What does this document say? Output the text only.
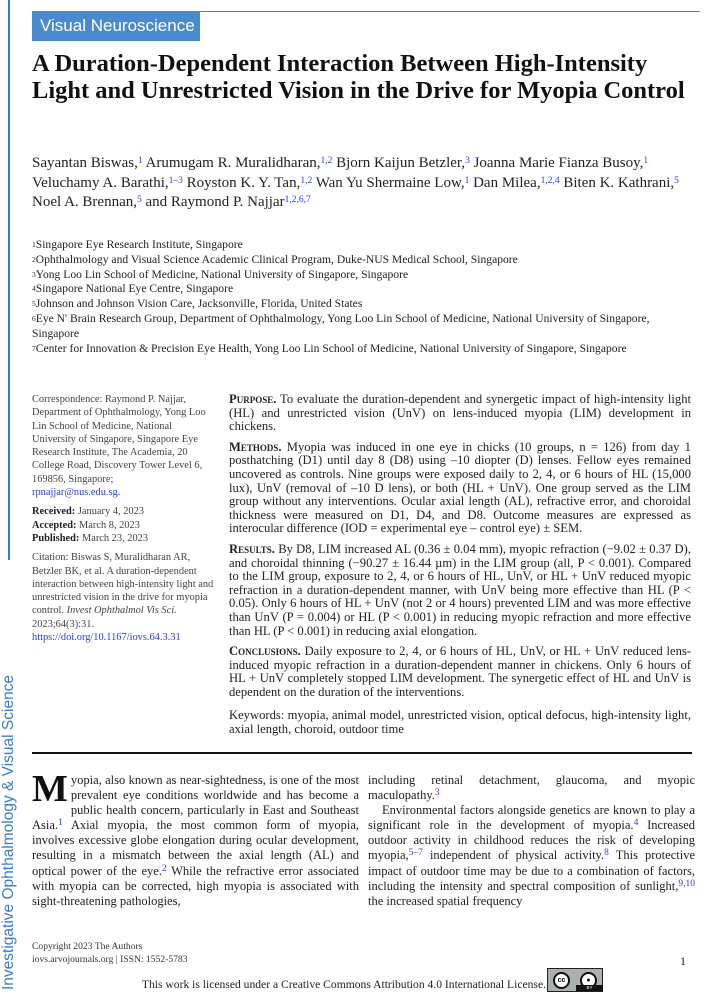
Investigative Ophthalmology & Visual Science
Visual Neuroscience
A Duration-Dependent Interaction Between High-Intensity Light and Unrestricted Vision in the Drive for Myopia Control
Sayantan Biswas,$^1$ Arumugam R. Muralidharan,$^{1,2}$ Bjorn Kaijun Betzler,$^3$ Joanna Marie Fianza Busoy,$^1$ Veluchamy A. Barathi,$^{1-3}$ Royston K. Y. Tan,$^{1,2}$ Wan Yu Shermaine Low,$^1$ Dan Milea,$^{1,2,4}$ Biten K. Kathrani,$^5$ Noel A. Brennan,$^5$ and Raymond P. Najjar$^{1,2,6,7}$
$^1$Singapore Eye Research Institute, Singapore
$^2$Ophthalmology and Visual Science Academic Clinical Program, Duke-NUS Medical School, Singapore
$^3$Yong Loo Lin School of Medicine, National University of Singapore, Singapore
$^4$Singapore National Eye Centre, Singapore
$^5$Johnson and Johnson Vision Care, Jacksonville, Florida, United States
$^6$Eye N' Brain Research Group, Department of Ophthalmology, Yong Loo Lin School of Medicine, National University of Singapore, Singapore
$^7$Center for Innovation & Precision Eye Health, Yong Loo Lin School of Medicine, National University of Singapore, Singapore

Correspondence: Raymond P. Najjar, Department of Ophthalmology, Yong Loo Lin School of Medicine, National University of Singapore, Singapore Eye Research Institute, The Academia, 20 College Road, Discovery Tower Level 6, 169856, Singapore;
rpnajjar@nus.edu.sg.

Received: January 4, 2023

Accepted: March 8, 2023

Published: March 23, 2023

Citation: Biswas S, Muralidharan AR, Betzler BK, et al. A duration-dependent interaction between high-intensity light and unrestricted vision in the drive for myopia control. Invest Ophthalmol Vis Sci. 2023;64(3):31.
https://doi.org/10.1167/iovs.64.3.31

Purpose. To evaluate the duration-dependent and synergetic impact of high-intensity light (HL) and unrestricted vision (UnV) on lens-induced myopia (LIM) development in chickens.

Methods. Myopia was induced in one eye in chicks (10 groups, n = 126) from day 1 posthatching (D1) until day 8 (D8) using –10 diopter (D) lenses. Fellow eyes remained uncovered as controls. Nine groups were exposed daily to 2, 4, or 6 hours of HL (15,000 lux), UnV (removal of –10 D lens), or both (HL + UnV). One group served as the LIM group without any interventions. Ocular axial length (AL), refractive error, and choroidal thickness were measured on D1, D4, and D8. Outcome measures are expressed as interocular difference (IOD = experimental eye – control eye) ± SEM.

Results. By D8, LIM increased AL (0.36 ± 0.04 mm), myopic refraction (−9.02 ± 0.37 D), and choroidal thinning (−90.27 ± 16.44 µm) in the LIM group (all, P < 0.001). Compared to the LIM group, exposure to 2, 4, or 6 hours of HL, UnV, or HL + UnV reduced myopic refraction in a duration-dependent manner, with UnV being more effective than HL (P < 0.05). Only 6 hours of HL + UnV (not 2 or 4 hours) prevented LIM and was more effective than UnV (P = 0.004) or HL (P < 0.001) in reducing myopic refraction and more effective than HL (P < 0.001) in reducing axial elongation.

Conclusions. Daily exposure to 2, 4, or 6 hours of HL, UnV, or HL + UnV reduced lens-induced myopic refraction in a duration-dependent manner in chickens. Only 6 hours of HL + UnV completely stopped LIM development. The synergetic effect of HL and UnV is dependent on the duration of the interventions.

Keywords: myopia, animal model, unrestricted vision, optical defocus, high-intensity light, axial length, choroid, outdoor time

Myopia, also known as near-sightedness, is one of the most prevalent eye conditions worldwide and has become a public health concern, particularly in East and Southeast Asia.$^1$ Axial myopia, the most common form of myopia, involves excessive globe elongation during ocular development, resulting in a mismatch between the axial length (AL) and optical power of the eye.$^2$ While the refractive error associated with myopia can be corrected, high myopia is associated with sight-threatening pathologies,

including retinal detachment, glaucoma, and myopic maculopathy.$^3$

Environmental factors alongside genetics are known to play a significant role in the development of myopia.$^4$ Increased outdoor activity in childhood reduces the risk of developing myopia,$^{5-7}$ independent of physical activity.$^8$ This protective impact of outdoor time may be due to a combination of factors, including the intensity and spectral composition of sunlight,$^{9,10}$ the increased spatial frequency

Copyright 2023 The Authors
iovs.arvojournals.org | ISSN: 1552-5783	1
This work is licensed under a Creative Commons Attribution 4.0 International License.	cc	●
BY
